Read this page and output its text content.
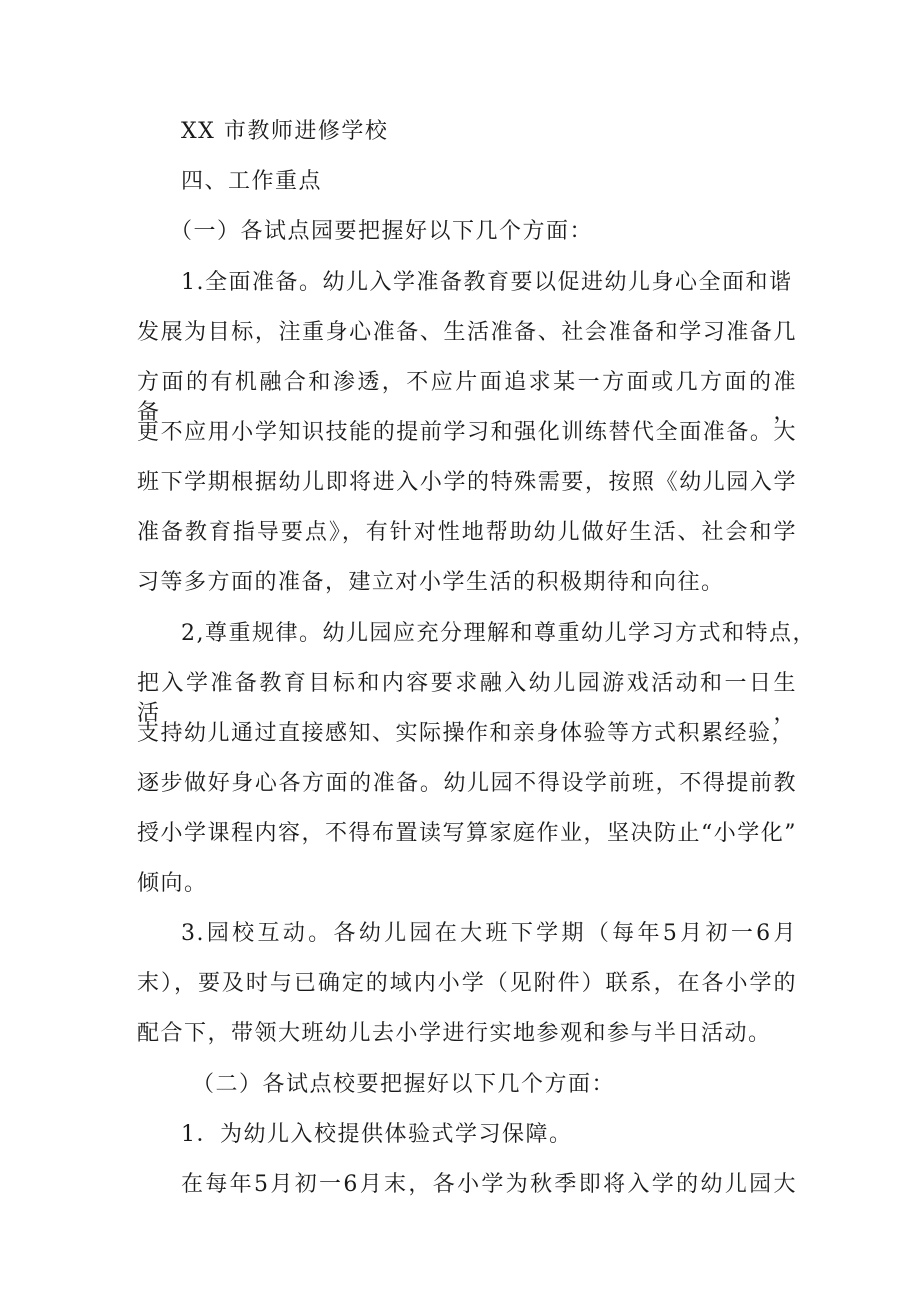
XX 市教师进修学校
四、工作重点
（一）各试点园要把握好以下几个方面：
1.全面准备。幼儿入学准备教育要以促进幼儿身心全面和谐
发展为目标，注重身心准备、生活准备、社会准备和学习准备几
方面的有机融合和渗透，不应片面追求某一方面或几方面的准备，
更不应用小学知识技能的提前学习和强化训练替代全面准备。大
班下学期根据幼儿即将进入小学的特殊需要，按照《幼儿园入学
准备教育指导要点》，有针对性地帮助幼儿做好生活、社会和学
习等多方面的准备，建立对小学生活的积极期待和向往。
2,尊重规律。幼儿园应充分理解和尊重幼儿学习方式和特点，
把入学准备教育目标和内容要求融入幼儿园游戏活动和一日生活，
支持幼儿通过直接感知、实际操作和亲身体验等方式积累经验，
逐步做好身心各方面的准备。幼儿园不得设学前班，不得提前教
授小学课程内容，不得布置读写算家庭作业，坚决防止“小学化”
倾向。
3.园校互动。各幼儿园在大班下学期（每年5月初一6月
末），要及时与已确定的域内小学（见附件）联系，在各小学的
配合下，带领大班幼儿去小学进行实地参观和参与半日活动。
（二）各试点校要把握好以下几个方面：
1．为幼儿入校提供体验式学习保障。
在每年5月初一6月末，各小学为秋季即将入学的幼儿园大
